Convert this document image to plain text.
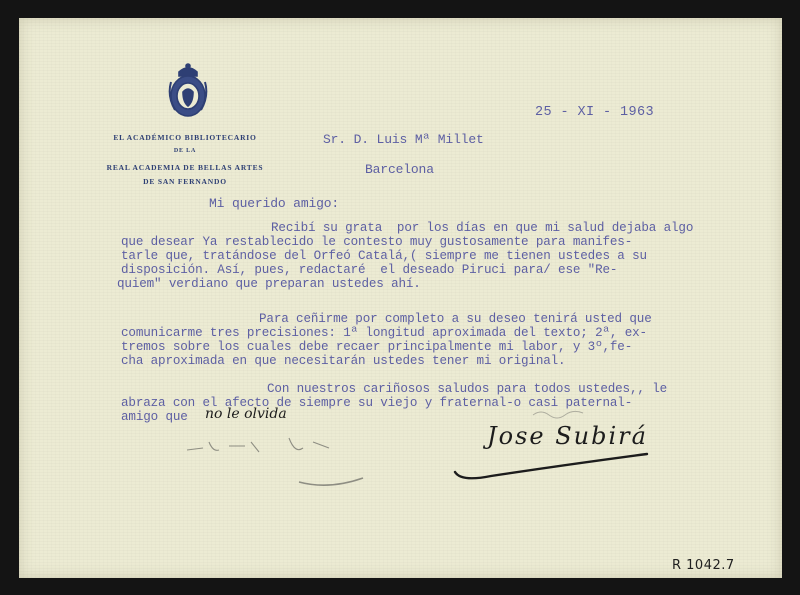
EL ACADÉMICO BIBLIOTECARIO
DE LA
REAL ACADEMIA DE BELLAS ARTES
DE SAN FERNANDO
25 - XI - 1963
Sr. D. Luis Mª Millet
Barcelona
Mi querido amigo:
Recibí su grata  por los días en que mi salud dejaba algo
que desear Ya restablecido le contesto muy gustosamente para manifes-
tarle que, tratándose del Orfeó Catalá,( siempre me tienen ustedes a su
disposición. Así, pues, redactaré  el deseado Piruci para/ ese "Re-
quiem" verdiano que preparan ustedes ahí.
Para ceñirme por completo a su deseo tenirá usted que
comunicarme tres precisiones: 1ª longitud aproximada del texto; 2ª, ex-
tremos sobre los cuales debe recaer principalmente mi labor, y 3º,fe-
cha aproximada en que necesitarán ustedes tener mi original.
Con nuestros cariñosos saludos para todos ustedes,, le
abraza con el afecto de siempre su viejo y fraternal-o casi paternal-
amigo que no le olvida
Jose Subirá
R 1042.7
